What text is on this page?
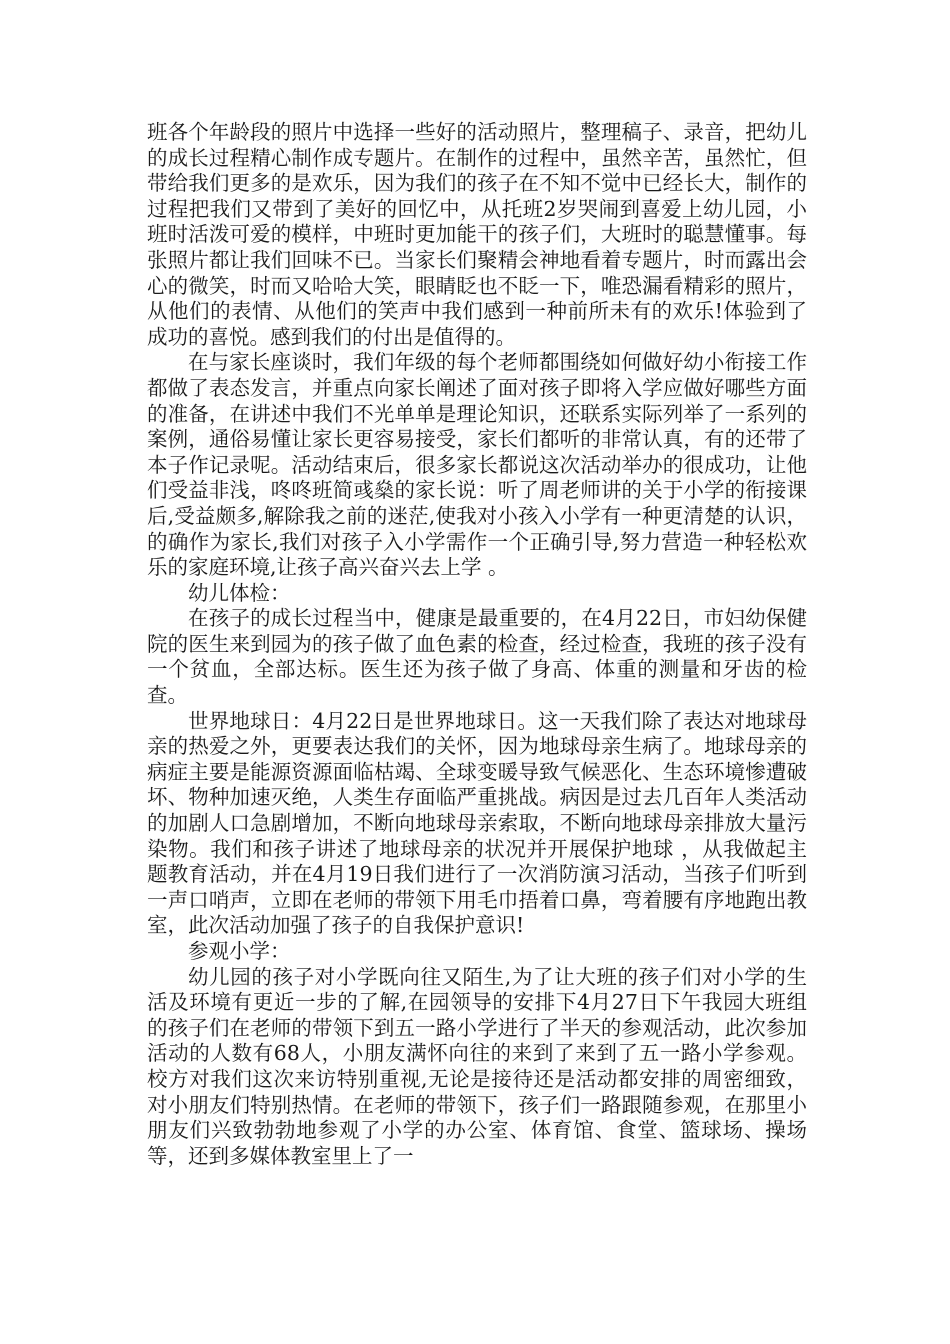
班各个年龄段的照片中选择一些好的活动照片，整理稿子、录音，把幼儿的成长过程精心制作成专题片。在制作的过程中，虽然辛苦，虽然忙，但带给我们更多的是欢乐，因为我们的孩子在不知不觉中已经长大，制作的过程把我们又带到了美好的回忆中，从托班2岁哭闹到喜爱上幼儿园，小班时活泼可爱的模样，中班时更加能干的孩子们，大班时的聪慧懂事。每张照片都让我们回味不已。当家长们聚精会神地看着专题片，时而露出会心的微笑，时而又哈哈大笑，眼睛眨也不眨一下，唯恐漏看精彩的照片，从他们的表情、从他们的笑声中我们感到一种前所未有的欢乐!体验到了成功的喜悦。感到我们的付出是值得的。

在与家长座谈时，我们年级的每个老师都围绕如何做好幼小衔接工作都做了表态发言，并重点向家长阐述了面对孩子即将入学应做好哪些方面的准备，在讲述中我们不光单单是理论知识，还联系实际列举了一系列的案例，通俗易懂让家长更容易接受，家长们都听的非常认真，有的还带了本子作记录呢。活动结束后，很多家长都说这次活动举办的很成功，让他们受益非浅，咚咚班简彧燊的家长说：听了周老师讲的关于小学的衔接课后,受益颇多,解除我之前的迷茫,使我对小孩入小学有一种更清楚的认识，的确作为家长,我们对孩子入小学需作一个正确引导,努力营造一种轻松欢乐的家庭环境,让孩子高兴奋兴去上学 。

幼儿体检：

在孩子的成长过程当中，健康是最重要的，在4月22日，市妇幼保健院的医生来到园为的孩子做了血色素的检查，经过检查，我班的孩子没有一个贫血，全部达标。医生还为孩子做了身高、体重的测量和牙齿的检查。

世界地球日：4月22日是世界地球日。这一天我们除了表达对地球母亲的热爱之外，更要表达我们的关怀，因为地球母亲生病了。地球母亲的病症主要是能源资源面临枯竭、全球变暖导致气候恶化、生态环境惨遭破坏、物种加速灭绝，人类生存面临严重挑战。病因是过去几百年人类活动的加剧人口急剧增加，不断向地球母亲索取，不断向地球母亲排放大量污染物。我们和孩子讲述了地球母亲的状况并开展保护地球 ，从我做起主题教育活动，并在4月19日我们进行了一次消防演习活动，当孩子们听到一声口哨声，立即在老师的带领下用毛巾捂着口鼻，弯着腰有序地跑出教室，此次活动加强了孩子的自我保护意识!

参观小学：

幼儿园的孩子对小学既向往又陌生,为了让大班的孩子们对小学的生活及环境有更近一步的了解,在园领导的安排下4月27日下午我园大班组的孩子们在老师的带领下到五一路小学进行了半天的参观活动，此次参加活动的人数有68人，小朋友满怀向往的来到了来到了五一路小学参观。校方对我们这次来访特别重视,无论是接待还是活动都安排的周密细致，对小朋友们特别热情。在老师的带领下，孩子们一路跟随参观，在那里小朋友们兴致勃勃地参观了小学的办公室、体育馆、食堂、篮球场、操场等，还到多媒体教室里上了一
